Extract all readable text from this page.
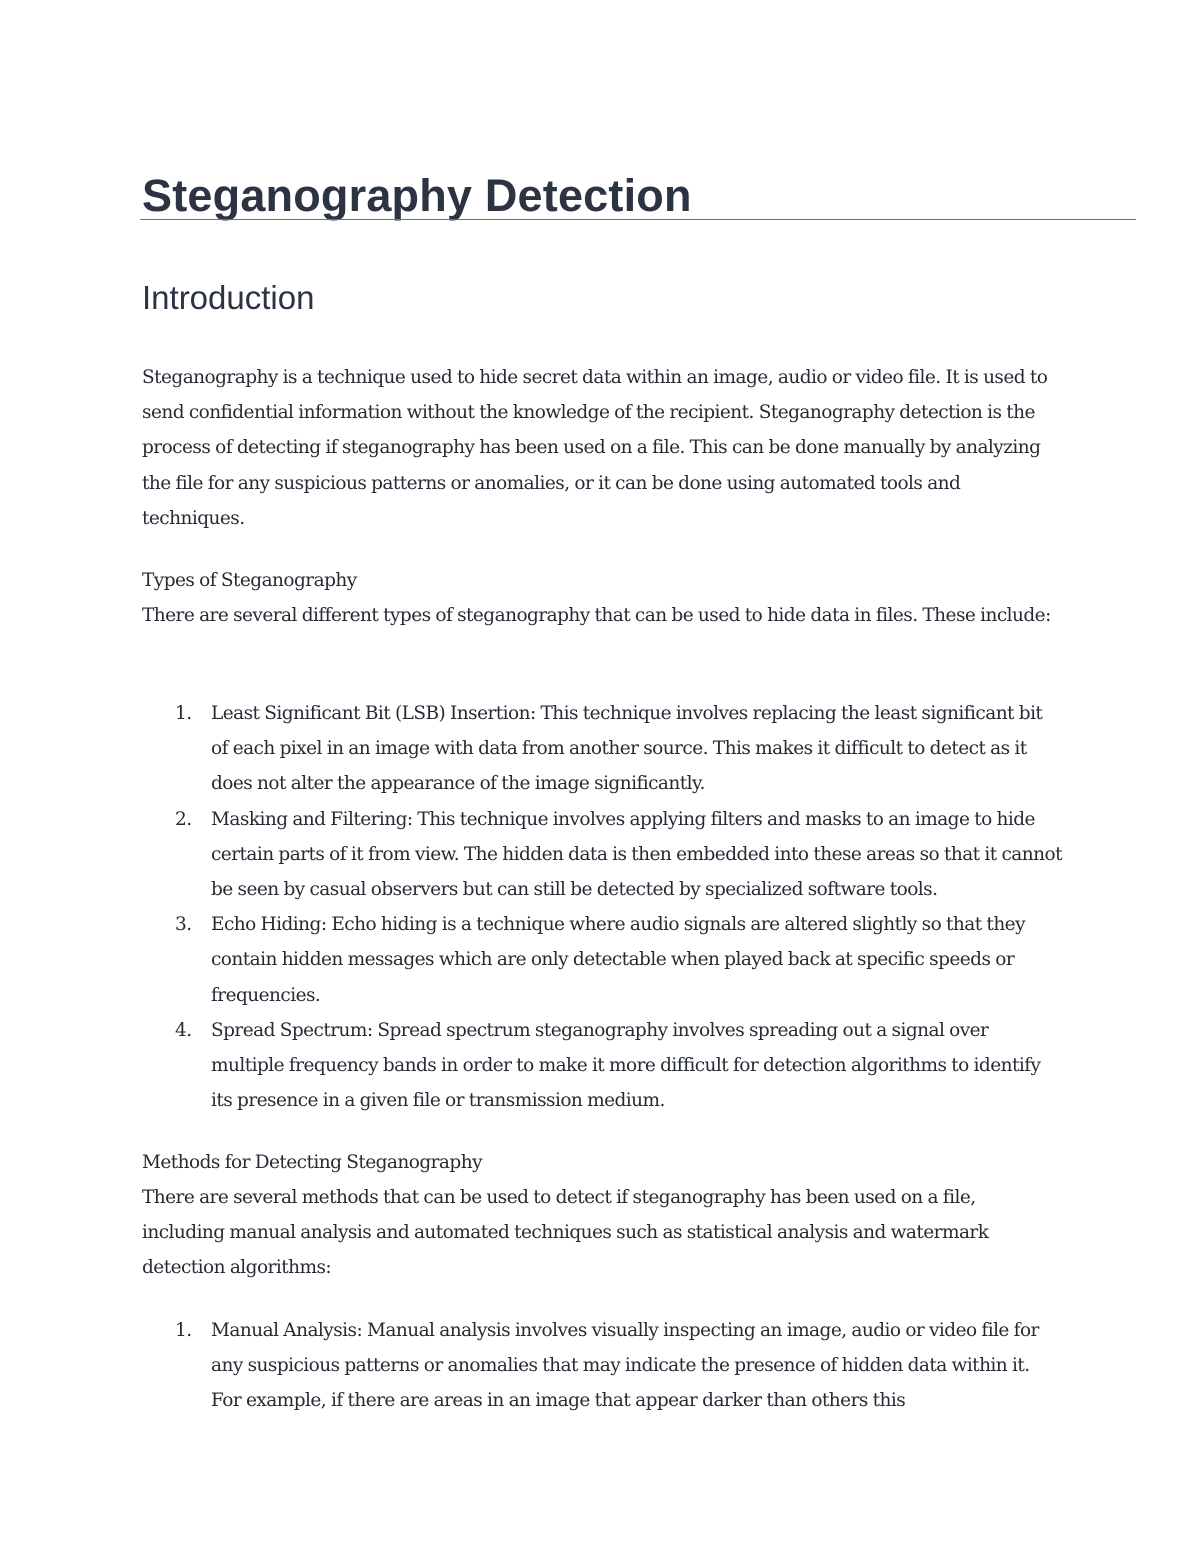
Steganography Detection
Introduction

Steganography is a technique used to hide secret data within an image, audio or video file. It is used to send confidential information without the knowledge of the recipient. Steganography detection is the process of detecting if steganography has been used on a file. This can be done manually by analyzing the file for any suspicious patterns or anomalies, or it can be done using automated tools and techniques.

Types of Steganography

There are several different types of steganography that can be used to hide data in files. These include:

1. Least Significant Bit (LSB) Insertion: This technique involves replacing the least significant bit of each pixel in an image with data from another source. This makes it difficult to detect as it does not alter the appearance of the image significantly.
2. Masking and Filtering: This technique involves applying filters and masks to an image to hide certain parts of it from view. The hidden data is then embedded into these areas so that it cannot be seen by casual observers but can still be detected by specialized software tools.
3. Echo Hiding: Echo hiding is a technique where audio signals are altered slightly so that they contain hidden messages which are only detectable when played back at specific speeds or frequencies.
4. Spread Spectrum: Spread spectrum steganography involves spreading out a signal over multiple frequency bands in order to make it more difficult for detection algorithms to identify its presence in a given file or transmission medium.

Methods for Detecting Steganography

There are several methods that can be used to detect if steganography has been used on a file, including manual analysis and automated techniques such as statistical analysis and watermark detection algorithms:

1. Manual Analysis: Manual analysis involves visually inspecting an image, audio or video file for any suspicious patterns or anomalies that may indicate the presence of hidden data within it. For example, if there are areas in an image that appear darker than others this
